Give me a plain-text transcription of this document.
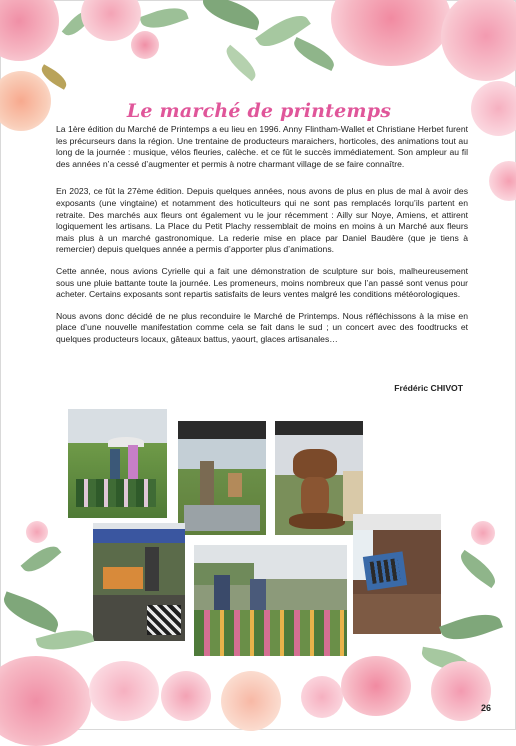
Le marché de printemps

La 1ère édition du Marché de Printemps a eu lieu en 1996. Anny Flintham-Wallet et Christiane Herbet furent les précurseurs dans la région. Une trentaine de producteurs maraichers, horticoles, des animations tout au long de la journée : musique, vélos fleuries, calèche. et ce fût le succès immédiatement. Son ampleur au fil des années n’a cessé d’augmenter et permis à notre charmant village de se faire connaître.

En 2023, ce fût la 27ème édition. Depuis quelques années, nous avons de plus en plus de mal à avoir des exposants (une vingtaine) et notamment des hoticulteurs qui ne sont pas remplacés lorqu’ils partent en retraite. Des marchés aux fleurs ont également vu le jour récemment : Ailly sur Noye, Amiens, et attirent logiquement les artisans. La Place du Petit Plachy ressemblait de moins en moins à un Marché aux fleurs mais plus à un marché gastronomique. La rederie mise en place par Daniel Baudère (que je tiens à remercier) depuis quelques année a permis d’apporter plus d’animations.

Cette année, nous avions Cyrielle qui a fait une démonstration de sculpture sur bois, malheureusement sous une pluie battante toute la journée. Les promeneurs, moins nombreux que l’an passé sont venus pour acheter. Certains exposants sont repartis satisfaits de leurs ventes malgré les conditions météorologiques.

Nous avons donc décidé de ne plus reconduire le Marché de Printemps. Nous réfléchissons à la mise en place d’une nouvelle manifestation comme cela se fait dans le sud ; un concert avec des foodtrucks et quelques producteurs locaux, gâteaux battus, yaourt, glaces artisanales…

Frédéric CHIVOT
26
